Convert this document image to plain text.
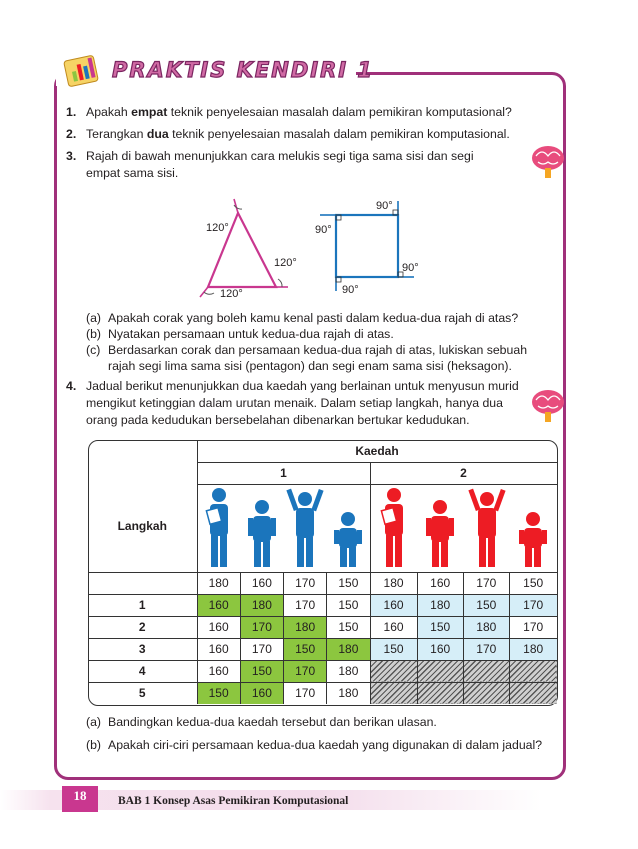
PRAKTIS KENDIRI 1
1. Apakah empat teknik penyelesaian masalah dalam pemikiran komputasional?
2. Terangkan dua teknik penyelesaian masalah dalam pemikiran komputasional.
3. Rajah di bawah menunjukkan cara melukis segi tiga sama sisi dan segi empat sama sisi.
120°
120°
120°
90°
90°
90°
90°
(a) Apakah corak yang boleh kamu kenal pasti dalam kedua-dua rajah di atas?
(b) Nyatakan persamaan untuk kedua-dua rajah di atas.
(c) Berdasarkan corak dan persamaan kedua-dua rajah di atas, lukiskan sebuah rajah segi lima sama sisi (pentagon) dan segi enam sama sisi (heksagon).
4. Jadual berikut menunjukkan dua kaedah yang berlainan untuk menyusun murid mengikut ketinggian dalam urutan menaik. Dalam setiap langkah, hanya dua orang pada kedudukan bersebelahan dibenarkan bertukar kedudukan.
Langkah	Kaedah							
	1				2			

	180	160	170	150	180	160	170	150
1	160	180	170	150	160	180	150	170
2	160	170	180	150	160	150	180	170
3	160	170	150	180	150	160	170	180
4	160	150	170	180				
5	150	160	170	180				
(a) Bandingkan kedua-dua kaedah tersebut dan berikan ulasan.
(b) Apakah ciri-ciri persamaan kedua-dua kaedah yang digunakan di dalam jadual?
18	BAB 1 Konsep Asas Pemikiran Komputasional
